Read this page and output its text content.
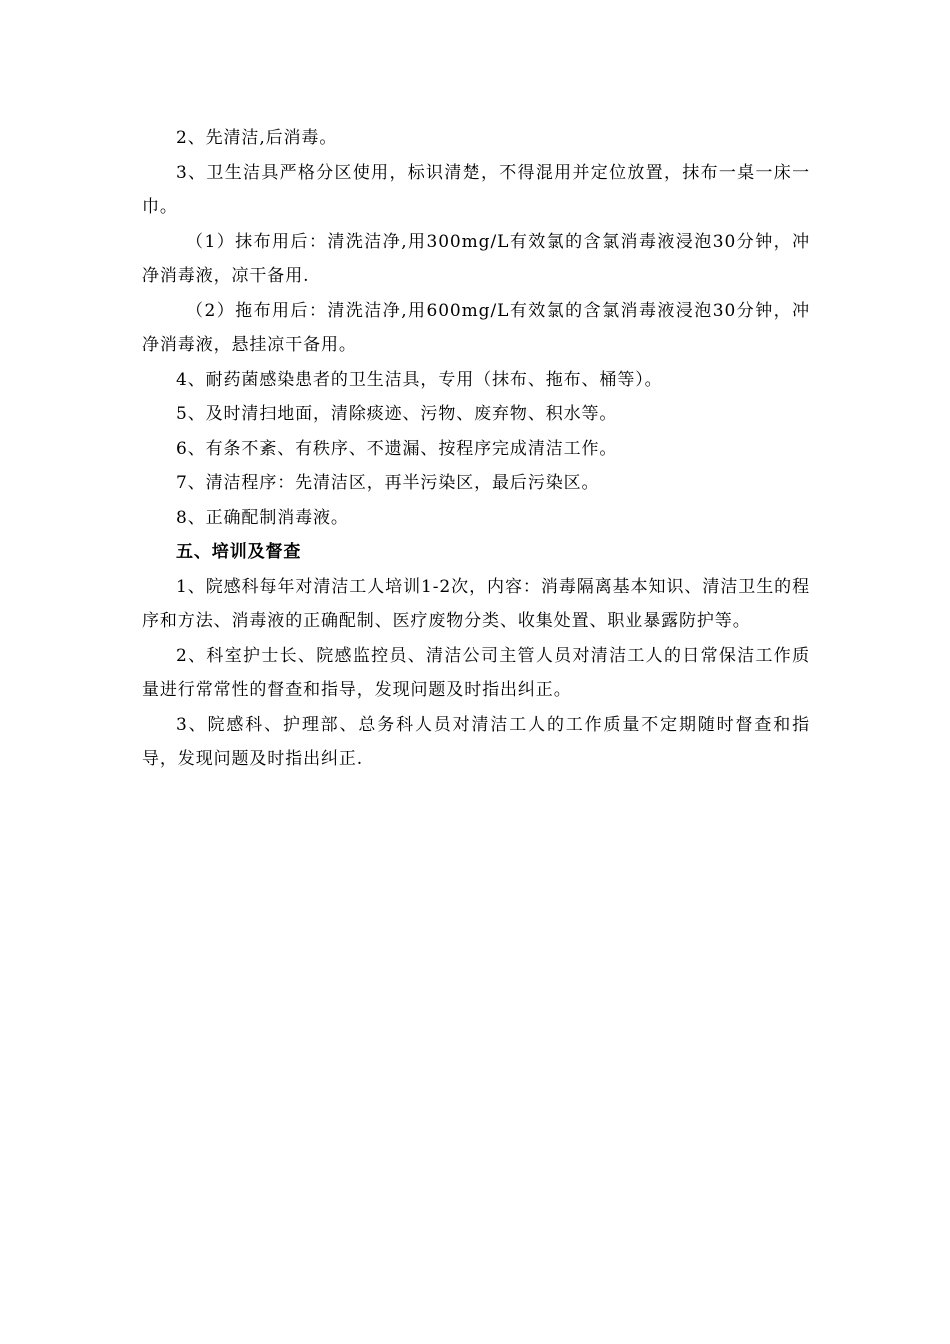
2、先清洁,后消毒。

3、卫生洁具严格分区使用，标识清楚，不得混用并定位放置，抹布一桌一床一巾。

（1）抹布用后：清洗洁净,用300mg/L有效氯的含氯消毒液浸泡30分钟，冲净消毒液，凉干备用.

（2）拖布用后：清洗洁净,用600mg/L有效氯的含氯消毒液浸泡30分钟，冲净消毒液，悬挂凉干备用。

4、耐药菌感染患者的卫生洁具，专用（抹布、拖布、桶等）。

5、及时清扫地面，清除痰迹、污物、废弃物、积水等。

6、有条不紊、有秩序、不遗漏、按程序完成清洁工作。

7、清洁程序：先清洁区，再半污染区，最后污染区。

8、正确配制消毒液。

五、培训及督查

1、院感科每年对清洁工人培训1-2次，内容：消毒隔离基本知识、清洁卫生的程序和方法、消毒液的正确配制、医疗废物分类、收集处置、职业暴露防护等。

2、科室护士长、院感监控员、清洁公司主管人员对清洁工人的日常保洁工作质量进行常常性的督查和指导，发现问题及时指出纠正。

3、院感科、护理部、总务科人员对清洁工人的工作质量不定期随时督查和指导，发现问题及时指出纠正.
